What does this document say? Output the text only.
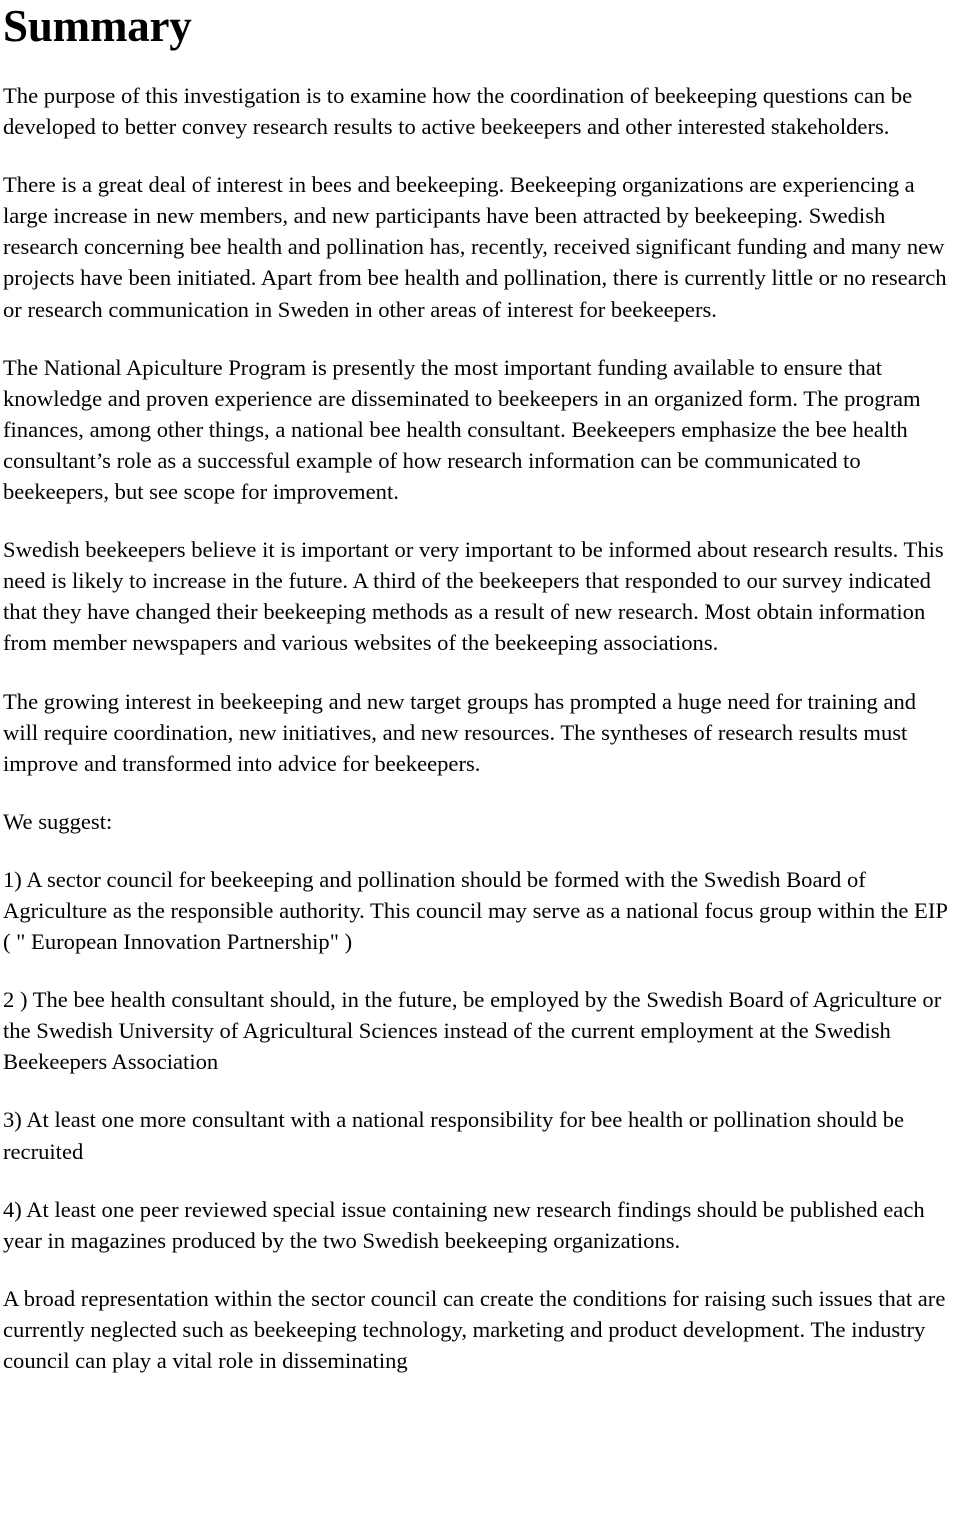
Summary

The purpose of this investigation is to examine how the coordination of beekeeping questions can be developed to better convey research results to active beekeepers and other interested stakeholders.

There is a great deal of interest in bees and beekeeping. Beekeeping organizations are experiencing a large increase in new members, and new participants have been attracted by beekeeping. Swedish research concerning bee health and pollination has, recently, received significant funding and many new projects have been initiated. Apart from bee health and pollination, there is currently little or no research or research communication in Sweden in other areas of interest for beekeepers.

The National Apiculture Program is presently the most important funding available to ensure that knowledge and proven experience are disseminated to beekeepers in an organized form. The program finances, among other things, a national bee health consultant. Beekeepers emphasize the bee health consultant’s role as a successful example of how research information can be communicated to beekeepers, but see scope for improvement.

Swedish beekeepers believe it is important or very important to be informed about research results. This need is likely to increase in the future. A third of the beekeepers that responded to our survey indicated that they have changed their beekeeping methods as a result of new research. Most obtain information from member newspapers and various websites of the beekeeping associations.

The growing interest in beekeeping and new target groups has prompted a huge need for training and will require coordination, new initiatives, and new resources. The syntheses of research results must improve and transformed into advice for beekeepers.

We suggest:

1) A sector council for beekeeping and pollination should be formed with the Swedish Board of Agriculture as the responsible authority. This council may serve as a national focus group within the EIP ( " European Innovation Partnership" )

2 ) The bee health consultant should, in the future, be employed by the Swedish Board of Agriculture or the Swedish University of Agricultural Sciences instead of the current employment at the Swedish Beekeepers Association

3) At least one more consultant with a national responsibility for bee health or pollination should be recruited

4) At least one peer reviewed special issue containing new research findings should be published each year in magazines produced by the two Swedish beekeeping organizations.

A broad representation within the sector council can create the conditions for raising such issues that are currently neglected such as beekeeping technology, marketing and product development. The industry council can play a vital role in disseminating
